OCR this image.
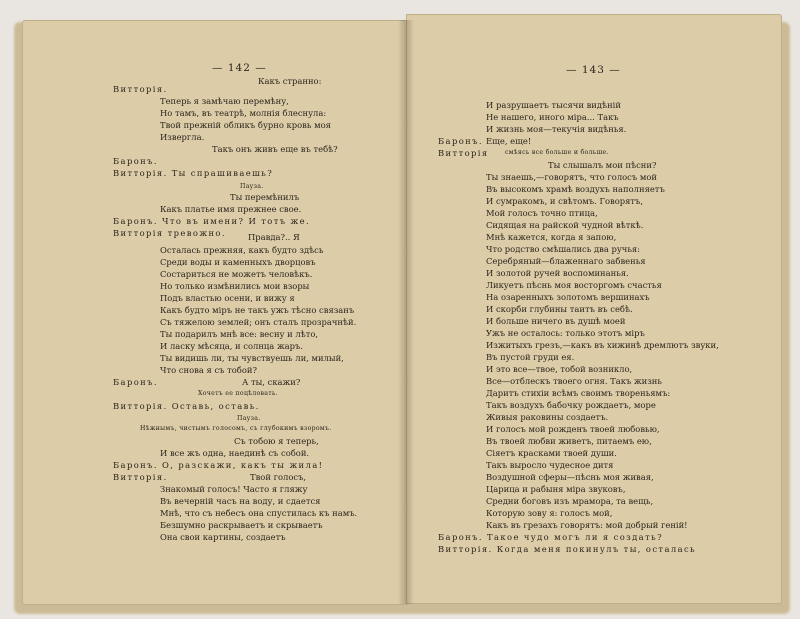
— 142 —
Какъ странно:
Витторія.
Теперь я замѣчаю перемѣну,
Но тамъ, въ театрѣ, молнія блеснула:
Твой прежній обликъ бурно кровь моя
Извергла.
Такъ онъ живъ еще въ тебѣ?
Баронъ.
Витторія. Ты спрашиваешь?
Пауза.
Ты перемѣнилъ
Какъ платье имя прежнее свое.
Баронъ. Что въ имени? И тотъ же.
Витторія тревожно.	Правда?.. Я
Осталась прежняя, какъ будто здѣсь
Среди воды и каменныхъ дворцовъ
Состариться не можетъ человѣкъ.
Но только измѣнились мои взоры
Подъ властью осени, и вижу я
Какъ будто міръ не такъ ужъ тѣсно связанъ
Съ тяжелою землей; онъ сталъ прозрачнѣй.
Ты подарилъ мнѣ все: весну и лѣто,
И ласку мѣсяца, и солнца жаръ.
Ты видишь ли, ты чувствуешь ли, милый,
Что снова я съ тобой?
Баронъ.	А ты, скажи?
Хочетъ ее поцѣловать.
Витторія. Оставь, оставь.
Пауза.
Нѣжнымъ, чистымъ голосомъ, съ глубокимъ взоромъ.
Съ тобою я теперь,
И все жъ одна, наединѣ съ собой.
Баронъ. О, разскажи, какъ ты жила!
Витторія.	Твой голосъ,
Знакомый голосъ! Часто я гляжу
Въ вечерній часъ на воду, и сдается
Мнѣ, что съ небесъ она спустилась къ намъ.
Безшумно раскрываетъ и скрываетъ
Она свои картины, создаетъ
— 143 —
И разрушаетъ тысячи видѣній
Не нашего, иного міра... Такъ
И жизнь моя—текучія видѣнья.
Баронъ. Еще, еще!
Витторія	смѣясь все больше и больше.
Ты слышалъ мои пѣсни?
Ты знаешь,—говорятъ, что голосъ мой
Въ высокомъ храмѣ воздухъ наполняетъ
И сумракомъ, и свѣтомъ. Говорятъ,
Мой голосъ точно птица,
Сидящая на райской чудной вѣткѣ.
Мнѣ кажется, когда я запою,
Что родство смѣшались два ручья:
Серебряный—блаженнаго забвенья
И золотой ручей воспоминанья.
Ликуетъ пѣснь моя восторгомъ счастья
На озаренныхъ золотомъ вершинахъ
И скорби глубины таитъ въ себѣ.
И больше ничего въ душѣ моей
Ужъ не осталось: только этотъ міръ
Изжитыхъ грезъ,—какъ въ хижинѣ дремлютъ звуки,
Въ пустой груди ея.
И это все—твое, тобой возникло,
Все—отблескъ твоего огня. Такъ жизнь
Даритъ стихіи всѣмъ своимъ твореньямъ:
Такъ воздухъ бабочку рождаетъ, море
Живыя раковины создаетъ.
И голосъ мой рожденъ твоей любовью,
Въ твоей любви живетъ, питаемъ ею,
Сіяетъ красками твоей души.
Такъ выросло чудесное дитя
Воздушной сферы—пѣснь моя живая,
Царица и рабыня міра звуковъ,
Средни боговъ изъ мрамора, та вещь,
Которую зову я: голосъ мой,
Какъ въ грезахъ говорятъ: мой добрый геній!
Баронъ. Такое чудо могъ ли я создать?
Витторія. Когда меня покинулъ ты, осталась
